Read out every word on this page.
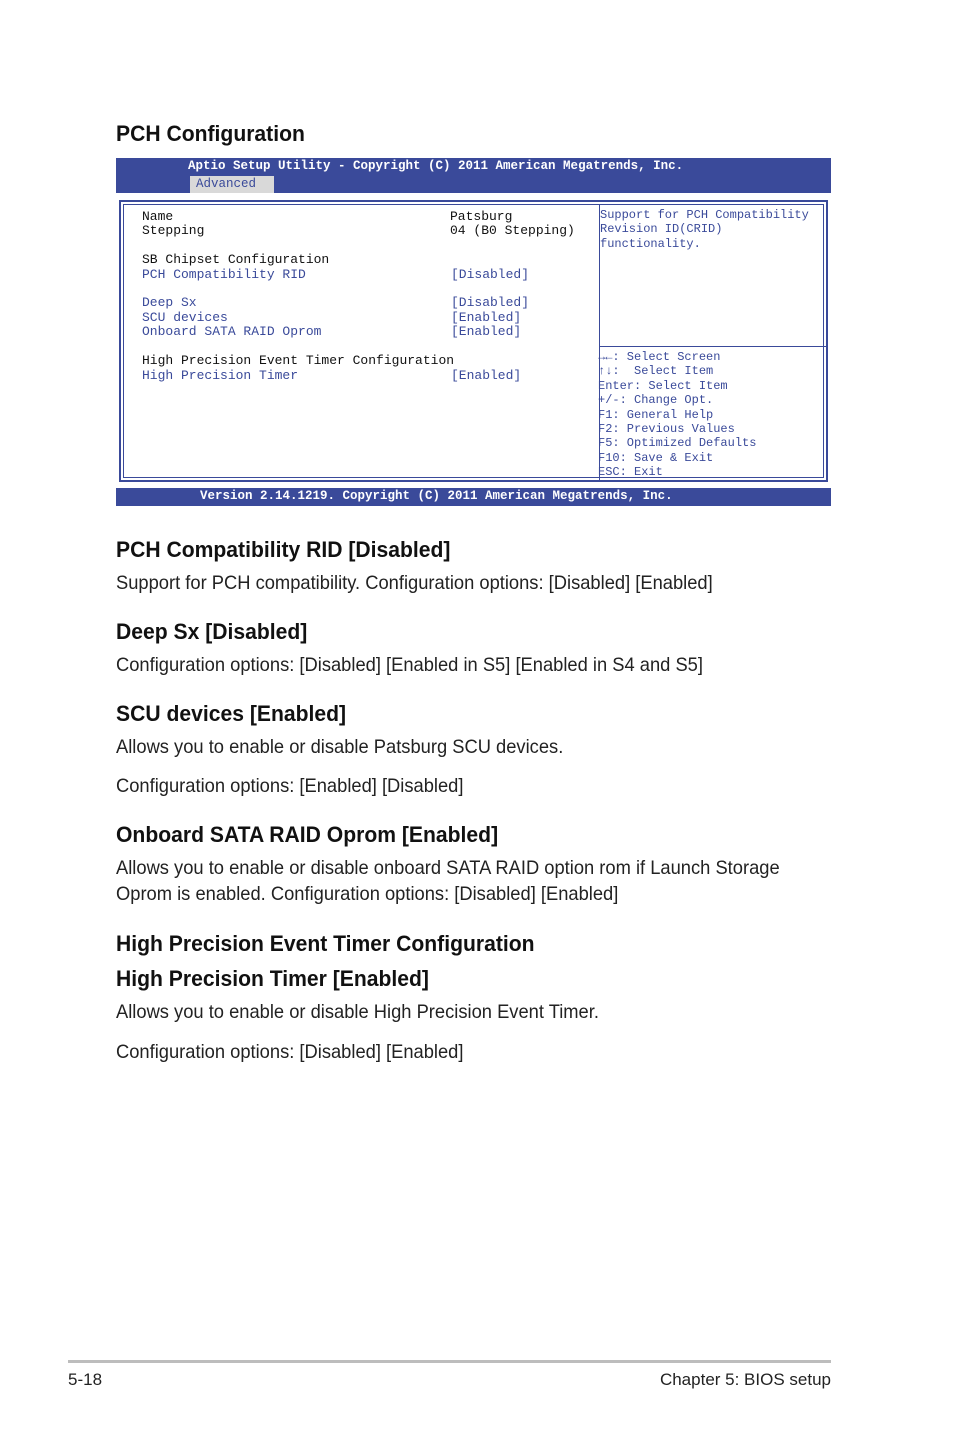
PCH Configuration
Aptio Setup Utility - Copyright (C) 2011 American Megatrends, Inc.
Advanced
Name	Patsburg
Stepping	04 (B0 Stepping)
SB Chipset Configuration
PCH Compatibility RID	[Disabled]
Deep Sx	[Disabled]
SCU devices	[Enabled]
Onboard SATA RAID Oprom	[Enabled]
High Precision Event Timer Configuration
High Precision Timer	[Enabled]
Support for PCH Compatibility
Revision ID(CRID)
functionality.
→←: Select Screen
↑↓:  Select Item
Enter: Select Item
+/-: Change Opt.
F1: General Help
F2: Previous Values
F5: Optimized Defaults
F10: Save & Exit
ESC: Exit
Version 2.14.1219. Copyright (C) 2011 American Megatrends, Inc.
PCH Compatibility RID [Disabled]

Support for PCH compatibility. Configuration options: [Disabled] [Enabled]

Deep Sx [Disabled]

Configuration options: [Disabled] [Enabled in S5] [Enabled in S4 and S5]

SCU devices [Enabled]

Allows you to enable or disable Patsburg SCU devices.

Configuration options: [Enabled] [Disabled]

Onboard SATA RAID Oprom [Enabled]

Allows you to enable or disable onboard SATA RAID option rom if Launch Storage

Oprom is enabled. Configuration options: [Disabled] [Enabled]

High Precision Event Timer Configuration
High Precision Timer [Enabled]

Allows you to enable or disable High Precision Event Timer.

Configuration options: [Disabled] [Enabled]

5-18	Chapter 5: BIOS setup
